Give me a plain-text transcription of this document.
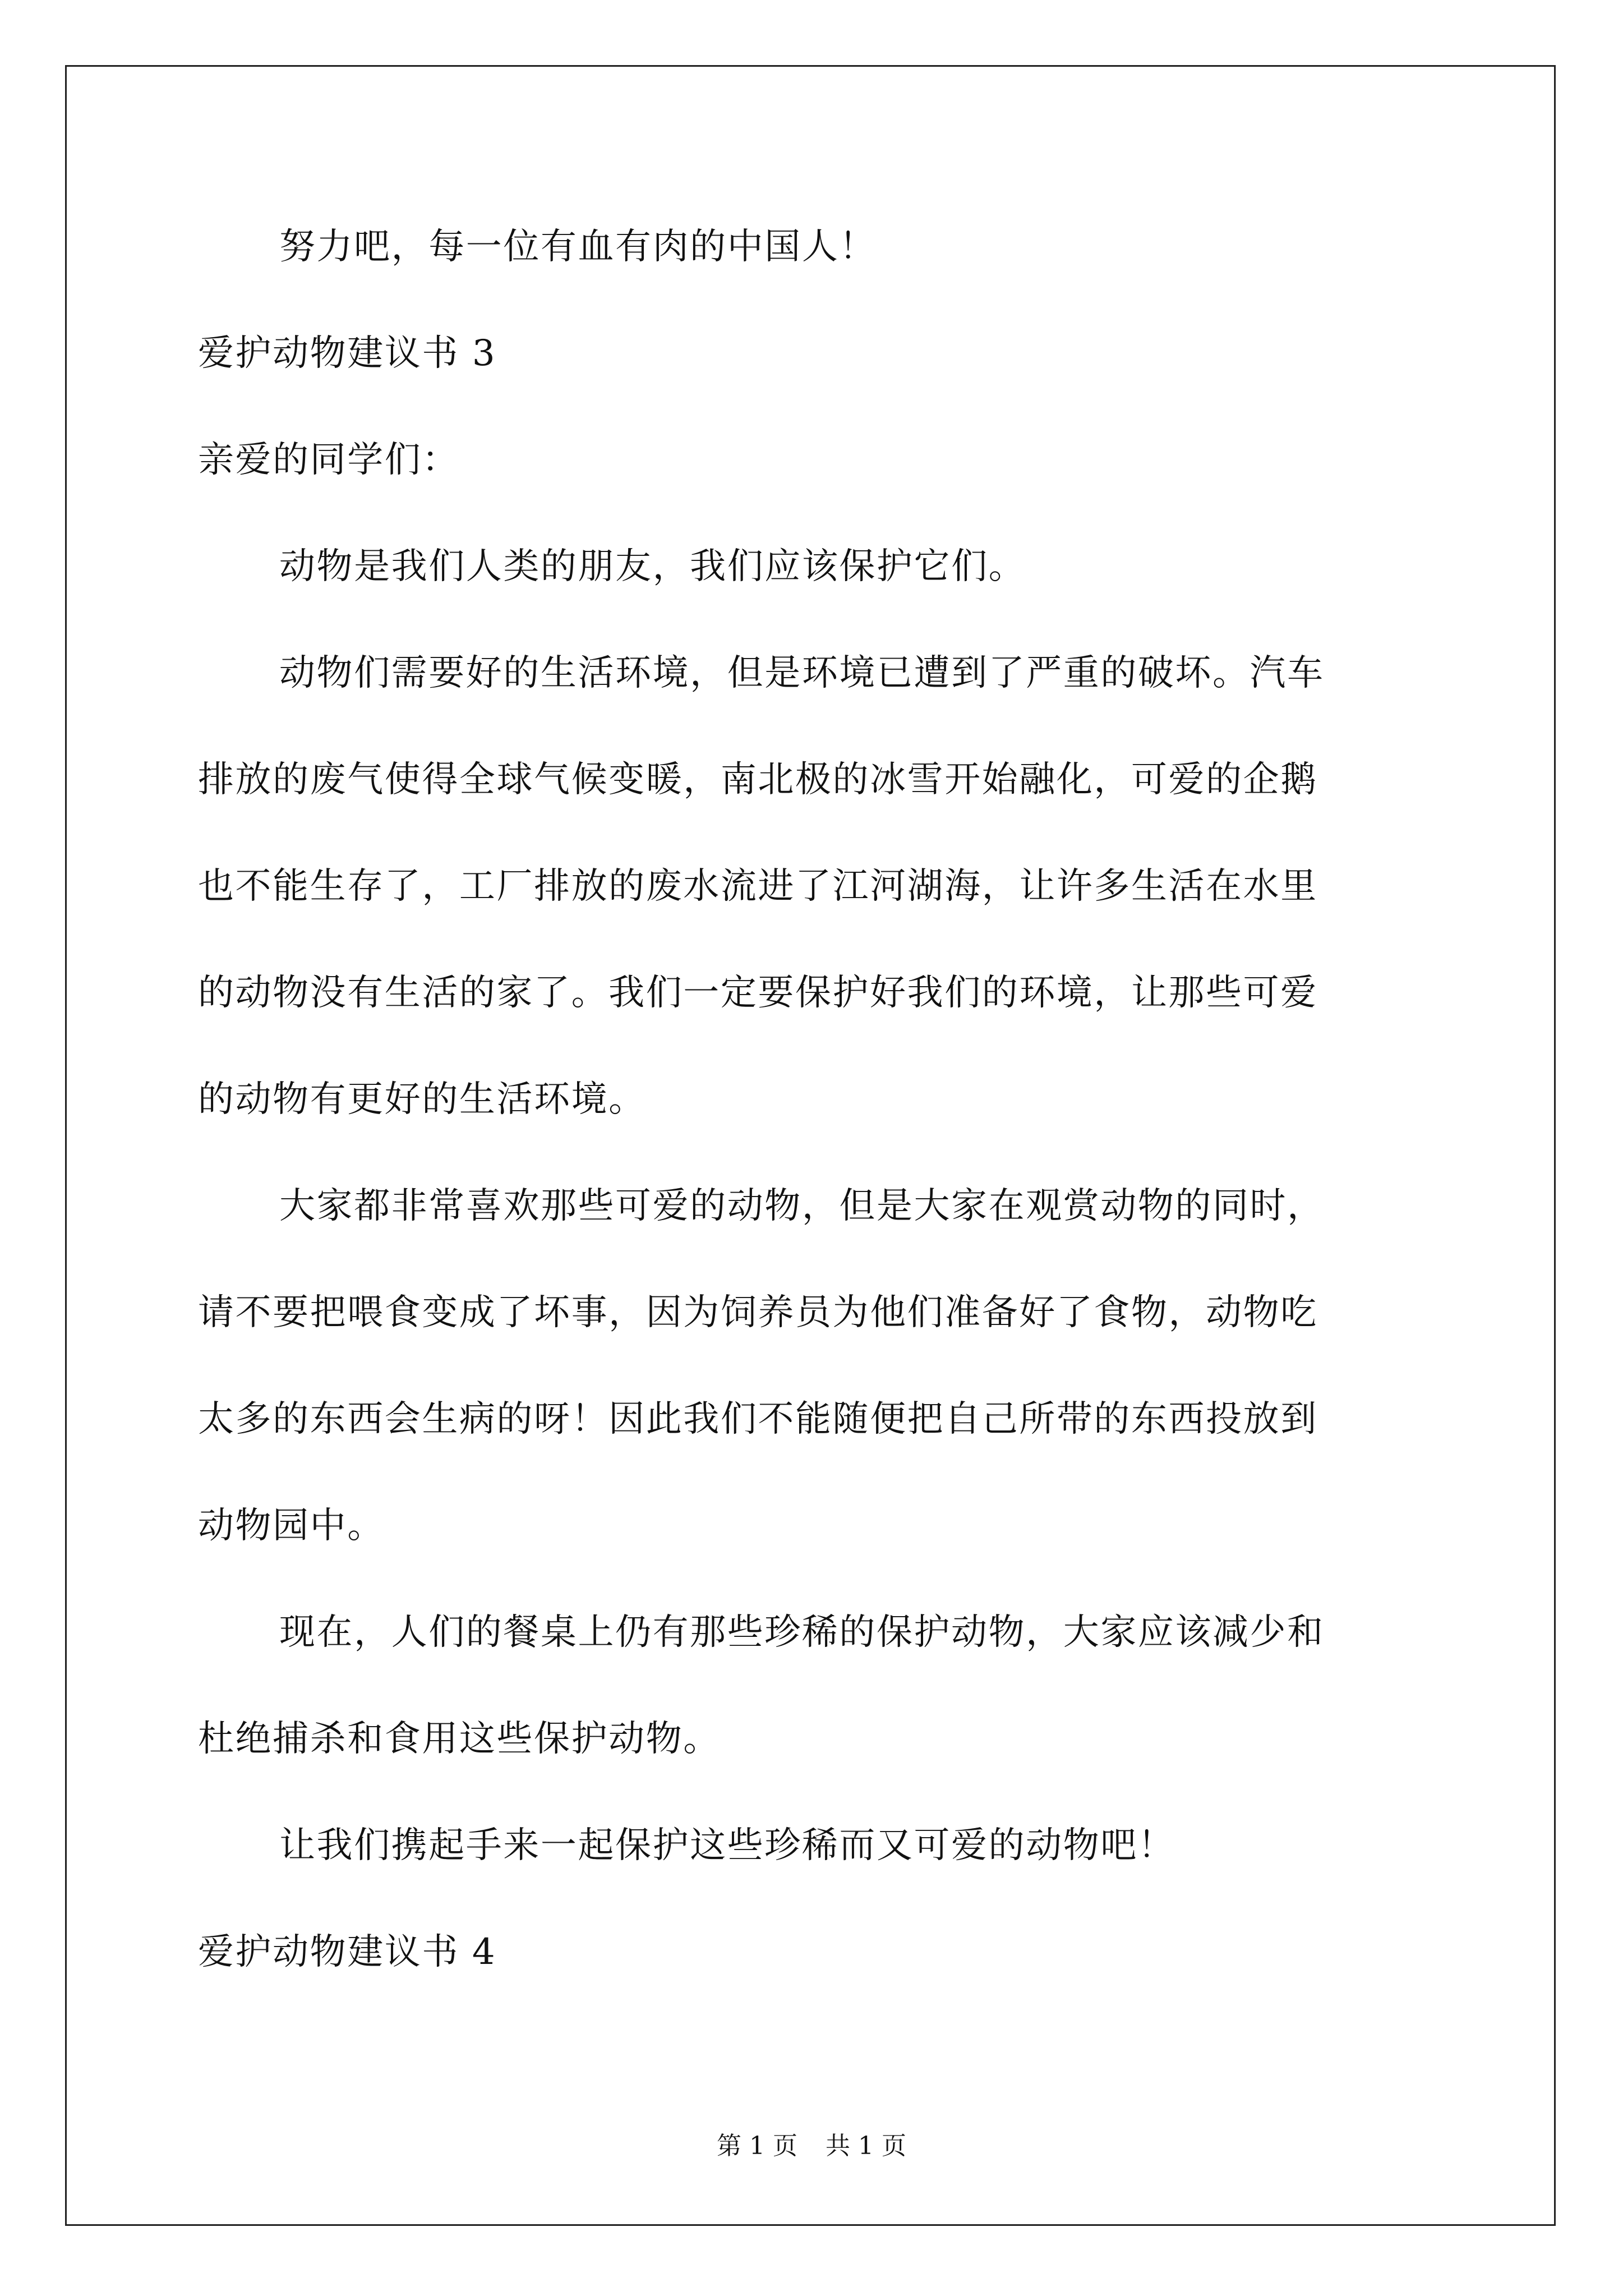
努力吧，每一位有血有肉的中国人！
爱护动物建议书 3
亲爱的同学们：
动物是我们人类的朋友，我们应该保护它们。
动物们需要好的生活环境，但是环境已遭到了严重的破坏。汽车
排放的废气使得全球气候变暖，南北极的冰雪开始融化，可爱的企鹅
也不能生存了，工厂排放的废水流进了江河湖海，让许多生活在水里
的动物没有生活的家了。我们一定要保护好我们的环境，让那些可爱
的动物有更好的生活环境。
大家都非常喜欢那些可爱的动物，但是大家在观赏动物的同时，
请不要把喂食变成了坏事，因为饲养员为他们准备好了食物，动物吃
太多的东西会生病的呀！因此我们不能随便把自己所带的东西投放到
动物园中。
现在，人们的餐桌上仍有那些珍稀的保护动物，大家应该减少和
杜绝捕杀和食用这些保护动物。
让我们携起手来一起保护这些珍稀而又可爱的动物吧！
爱护动物建议书 4
第 1 页 共 1 页
